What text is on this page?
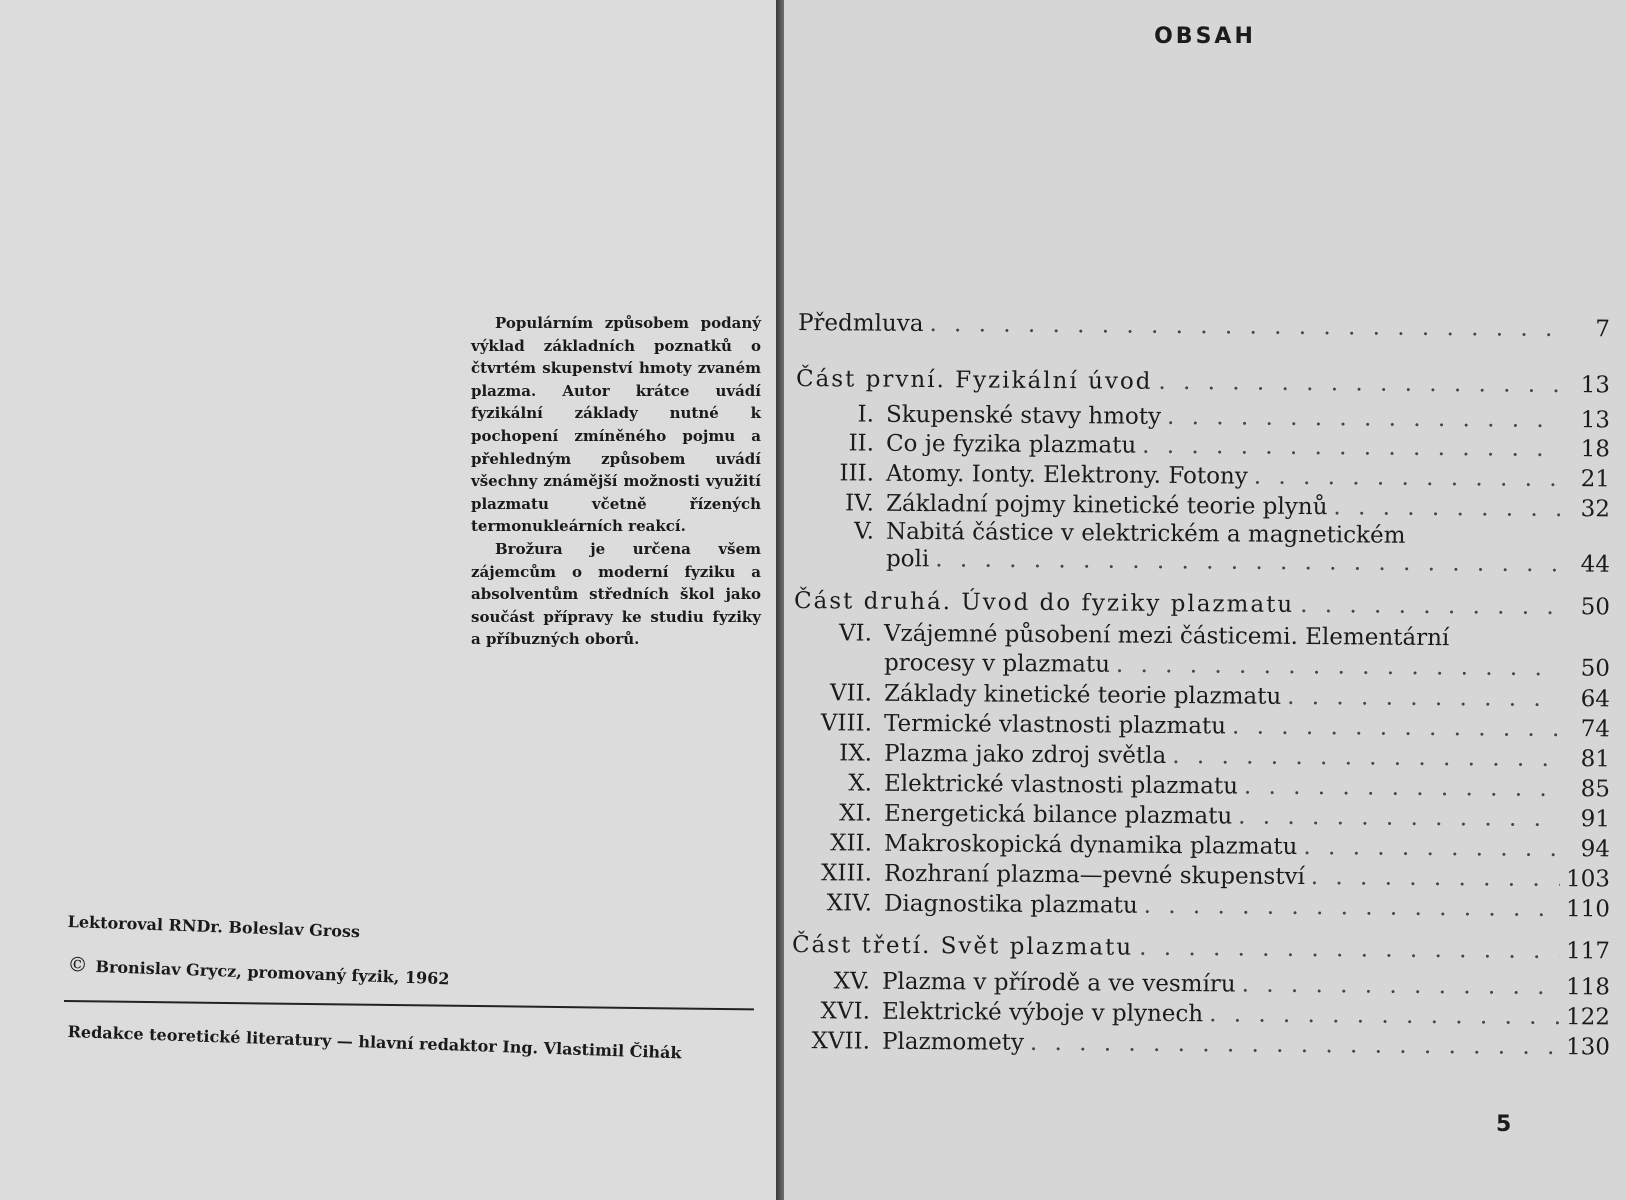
Populárním způsobem podaný výklad základních poznatků o čtvrtém skupenství hmoty zvaném plazma. Autor krátce uvádí fyzikální základy nutné k pochopení zmíněného pojmu a přehledným způsobem uvádí všechny známější možnosti využití plazmatu včetně řízených termonukleárních reakcí.

Brožura je určena všem zájemcům o moderní fyziku a absolventům středních škol jako součást přípravy ke studiu fyziky a příbuzných oborů.

Lektoroval RNDr. Boleslav Gross
© Bronislav Grycz, promovaný fyzik, 1962
Redakce teoretické literatury — hlavní redaktor Ing. Vlastimil Čihák
OBSAH
Předmluva . . .	7
Část první. Fyzikální úvod . . .	13
I. Skupenské stavy hmoty . . .	13
II. Co je fyzika plazmatu . . .	18
III. Atomy. Ionty. Elektrony. Fotony . . .	21
IV. Základní pojmy kinetické teorie plynů . . .	32
V. Nabitá částice v elektrickém a magnetickém
poli . . .	44
Část druhá. Úvod do fyziky plazmatu . . .	50
VI. Vzájemné působení mezi částicemi. Elementární
procesy v plazmatu . . .	50
VII. Základy kinetické teorie plazmatu . . .	64
VIII. Termické vlastnosti plazmatu . . .	74
IX. Plazma jako zdroj světla . . .	81
X. Elektrické vlastnosti plazmatu . . .	85
XI. Energetická bilance plazmatu . . .	91
XII. Makroskopická dynamika plazmatu . . .	94
XIII. Rozhraní plazma—pevné skupenství . . .	103
XIV. Diagnostika plazmatu . . .	110
Část třetí. Svět plazmatu . . .	117
XV. Plazma v přírodě a ve vesmíru . . .	118
XVI. Elektrické výboje v plynech . . .	122
XVII. Plazmomety . . .	130
5
